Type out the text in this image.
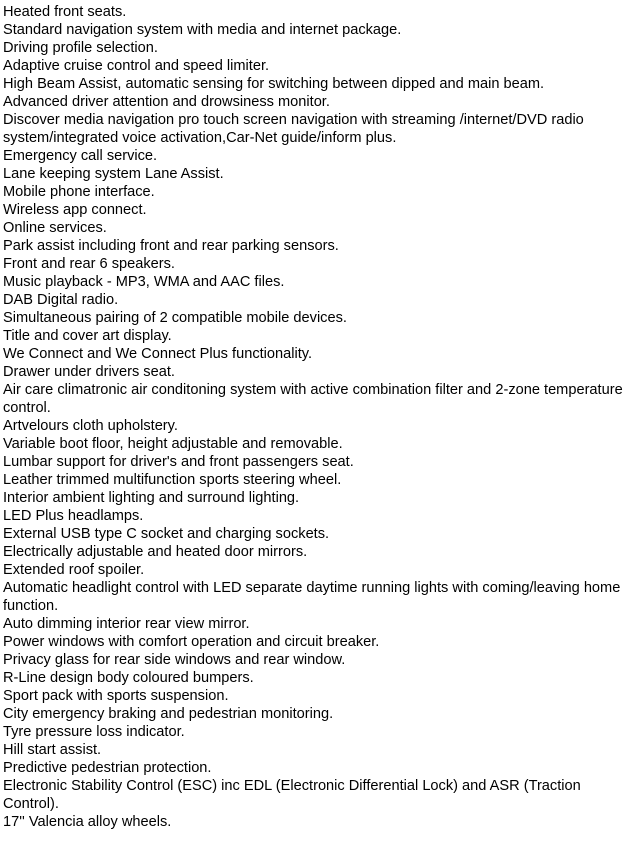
Heated front seats.
Standard navigation system with media and internet package.
Driving profile selection.
Adaptive cruise control and speed limiter.
High Beam Assist, automatic sensing for switching between dipped and main beam.
Advanced driver attention and drowsiness monitor.
Discover media navigation pro touch screen navigation with streaming /internet/DVD radio system/integrated voice activation,Car-Net guide/inform plus.
Emergency call service.
Lane keeping system Lane Assist.
Mobile phone interface.
Wireless app connect.
Online services.
Park assist including front and rear parking sensors.
Front and rear 6 speakers.
Music playback - MP3, WMA and AAC files.
DAB Digital radio.
Simultaneous pairing of 2 compatible mobile devices.
Title and cover art display.
We Connect and We Connect Plus functionality.
Drawer under drivers seat.
Air care climatronic air conditoning system with active combination filter and 2-zone temperature control.
Artvelours cloth upholstery.
Variable boot floor, height adjustable and removable.
Lumbar support for driver's and front passengers seat.
Leather trimmed multifunction sports steering wheel.
Interior ambient lighting and surround lighting.
LED Plus headlamps.
External USB type C socket and charging sockets.
Electrically adjustable and heated door mirrors.
Extended roof spoiler.
Automatic headlight control with LED separate daytime running lights with coming/leaving home function.
Auto dimming interior rear view mirror.
Power windows with comfort operation and circuit breaker.
Privacy glass for rear side windows and rear window.
R-Line design body coloured bumpers.
Sport pack with sports suspension.
City emergency braking and pedestrian monitoring.
Tyre pressure loss indicator.
Hill start assist.
Predictive pedestrian protection.
Electronic Stability Control (ESC) inc EDL (Electronic Differential Lock) and ASR (Traction Control).
17'' Valencia alloy wheels.
